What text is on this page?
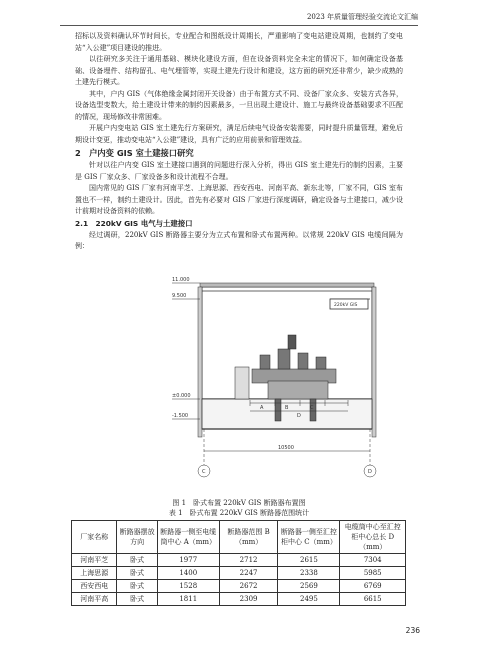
2023 年质量管理经验交流论文汇编

招标以及资料确认环节时间长，专业配合和图纸设计周期长，严重影响了变电站建设周期，也制约了变电站“入公建”项目建设的推进。

以往研究多关注于通用基础、模块化建设方面，但在设备资料完全未定的情况下，如何确定设备基础、设备埋件、结构留孔、电气埋管等，实现土建先行设计和建设，这方面的研究还非常少，缺少成熟的土建先行模式。

其中，户内 GIS（气体绝缘金属封闭开关设备）由于布置方式不同、设备厂家众多、安装方式各异，设备选型变数大，给土建设计带来的制约因素最多，一旦出现土建设计、施工与最终设备基础要求不匹配的情况，现场修改非常困难。

开展户内变电站 GIS 室土建先行方案研究，满足后续电气设备安装需要，同时提升质量管理，避免后期设计变更，推动变电站“入公建”建设，具有广泛的应用前景和管理效益。

2　户内变 GIS 室土建接口研究

针对以往户内变 GIS 室土建接口遇到的问题进行深入分析，得出 GIS 室土建先行的制约因素，主要是 GIS 厂家众多、厂家设备多和设计流程不合理。

国内常见的 GIS 厂家有河南平芝、上海思源、西安西电、河南平高、新东北等，厂家不同，GIS 室布置也不一样，制约土建设计。因此，首先有必要对 GIS 厂家进行深度调研，确定设备与土建接口，减少设计前期对设备资料的依赖。

2.1　220kV GIS 电气与土建接口

经过调研，220kV GIS 断路器主要分为立式布置和卧式布置两种。以常规 220kV GIS 电缆间隔为例：

11.000
9.500
±0.000
-1.500
220kV GIS
A	B	C
D
10500
C	D
图 1　卧式布置 220kV GIS 断路器布置图
表 1　卧式布置 220kV GIS 断路器范围统计
厂家名称	断路器摆放方向	断路器一侧至电缆筒中心 A（mm）	断路器范围 B（mm）	断路器一侧至汇控柜中心 C（mm）	电缆筒中心至汇控柜中心总长 D（mm）
河南平芝	卧式	1977	2712	2615	7304
上海思源	卧式	1400	2247	2338	5985
西安西电	卧式	1528	2672	2569	6769
河南平高	卧式	1811	2309	2495	6615
236
